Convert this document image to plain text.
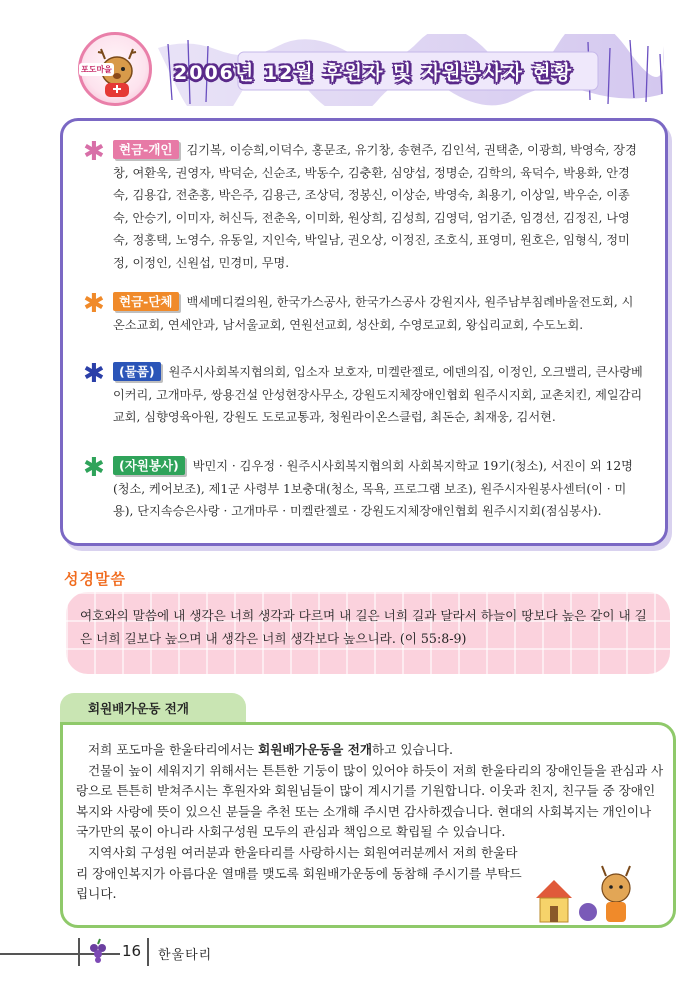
포도마을	2006년 12월 후원자 및 자원봉사자 현황
✱	현금-개인 김기복, 이승희,이덕수, 홍문조, 유기창, 송현주, 김인석, 권택춘, 이광희, 박영숙, 장경창, 여환욱, 권영자, 박덕순, 신순조, 박동수, 김충환, 심양섭, 정명순, 김학의, 육덕수, 박용화, 안경숙, 김용갑, 전춘홍, 박은주, 김용근, 조상덕, 정봉신, 이상순, 박영숙, 최용기, 이상일, 박우순, 이종숙, 안승기, 이미자, 허신득, 전춘옥, 이미화, 원상희, 김성희, 김영덕, 엄기준, 임경선, 김정진, 나영숙, 정홍택, 노영수, 유동일, 지인숙, 박일남, 권오상, 이정진, 조호식, 표영미, 원호은, 임형식, 정미정, 이정인, 신원섭, 민경미, 무명.
✱	현금-단체 백세메디컬의원, 한국가스공사, 한국가스공사 강원지사, 원주남부침례바울전도회, 시온소교회, 연세안과, 남서울교회, 연원선교회, 성산회, 수영로교회, 왕십리교회, 수도노회.
✱	(물품) 원주시사회복지협의회, 입소자 보호자, 미켈란젤로, 에덴의집, 이정인, 오크밸리, 큰사랑베이커리, 고개마루, 쌍용건설 안성현장사무소, 강원도지체장애인협회 원주시지회, 교촌치킨, 제일감리교회, 심향영육아원, 강원도 도로교통과, 청원라이온스클럽, 최돈순, 최재웅, 김서현.
✱	(자원봉사) 박민지 · 김우정 · 원주시사회복지협의회 사회복지학교 19기(청소), 서진이 외 12명(청소, 케어보조), 제1군 사령부 1보충대(청소, 목욕, 프로그램 보조), 원주시자원봉사센터(이 · 미용), 단지속승은사랑 · 고개마루 · 미켈란젤로 · 강원도지체장애인협회 원주시지회(점심봉사).
성경말씀
여호와의 말씀에 내 생각은 너희 생각과 다르며 내 길은 너희 길과 달라서 하늘이 땅보다 높은 같이 내 길은 너희 길보다 높으며 내 생각은 너희 생각보다 높으니라. (이 55:8-9)
회원배가운동 전개
저희 포도마을 한울타리에서는 회원배가운동을 전개하고 있습니다.
건물이 높이 세워지기 위해서는 튼튼한 기둥이 많이 있어야 하듯이 저희 한울타리의 장애인들을 관심과 사랑으로 튼튼히 받쳐주시는 후원자와 회원님들이 많이 계시기를 기원합니다. 이웃과 친지, 친구들 중 장애인복지와 사랑에 뜻이 있으신 분들을 추천 또는 소개해 주시면 감사하겠습니다. 현대의 사회복지는 개인이나 국가만의 몫이 아니라 사회구성원 모두의 관심과 책임으로 확립될 수 있습니다.
지역사회 구성원 여러분과 한울타리를 사랑하시는 회원여러분께서 저희 한울타리 장애인복지가 아름다운 열매를 맺도록 회원배가운동에 동참해 주시기를 부탁드립니다.
16 한울타리
